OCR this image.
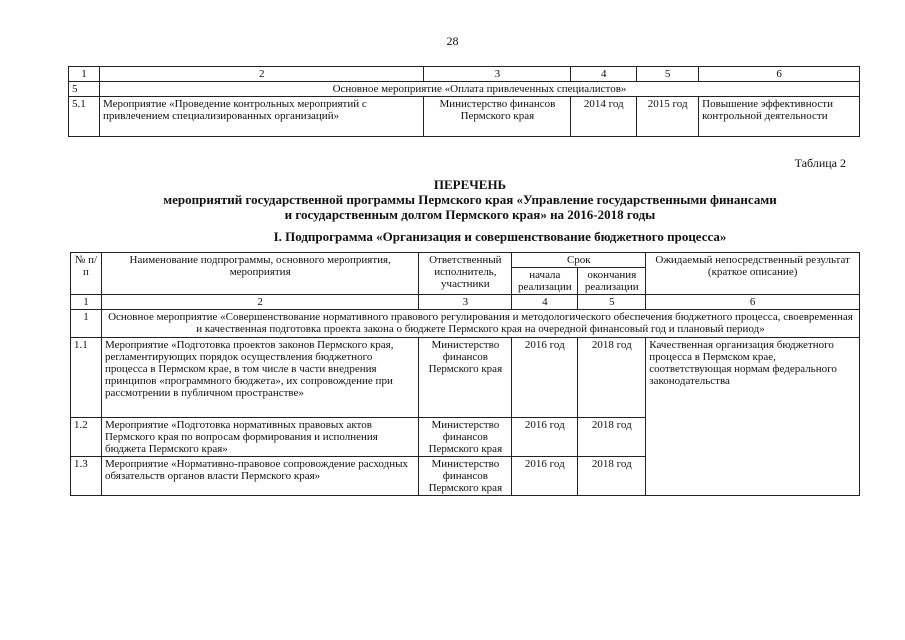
28
1	2	3	4	5	6
5	Основное мероприятие «Оплата привлеченных специалистов»				
5.1	Мероприятие «Проведение контрольных мероприятий с привлечением специализированных организаций»	Министерство финансов Пермского края	2014 год	2015 год	Повышение эффективности контрольной деятельности
Таблица 2
ПЕРЕЧЕНЬ
мероприятий государственной программы Пермского края «Управление государственными финансами
и государственным долгом Пермского края» на 2016-2018 годы
I. Подпрограмма «Организация и совершенствование бюджетного процесса»
№ п/п	Наименование подпрограммы, основного мероприятия, мероприятия	Ответственный исполнитель, участники	Срок		Ожидаемый непосредственный результат (краткое описание)
			начала реализации	окончания реализации	
1	2	3	4	5	6
1	Основное мероприятие «Совершенствование нормативного правового регулирования и методологического обеспечения бюджетного процесса, своевременная и качественная подготовка проекта закона о бюджете Пермского края на очередной финансовый год и плановый период»				
1.1	Мероприятие «Подготовка проектов законов Пермского края, регламентирующих порядок осуществления бюджетного процесса в Пермском крае, в том числе в части внедрения принципов «программного бюджета», их сопровождение при рассмотрении в публичном пространстве»	Министерство финансов Пермского края	2016 год	2018 год	Качественная организация бюджетного процесса в Пермском крае, соответствующая нормам федерального законодательства
1.2	Мероприятие «Подготовка нормативных правовых актов Пермского края по вопросам формирования и исполнения бюджета Пермского края»	Министерство финансов Пермского края	2016 год	2018 год	
1.3	Мероприятие «Нормативно-правовое сопровождение расходных обязательств органов власти Пермского края»	Министерство финансов Пермского края	2016 год	2018 год	
